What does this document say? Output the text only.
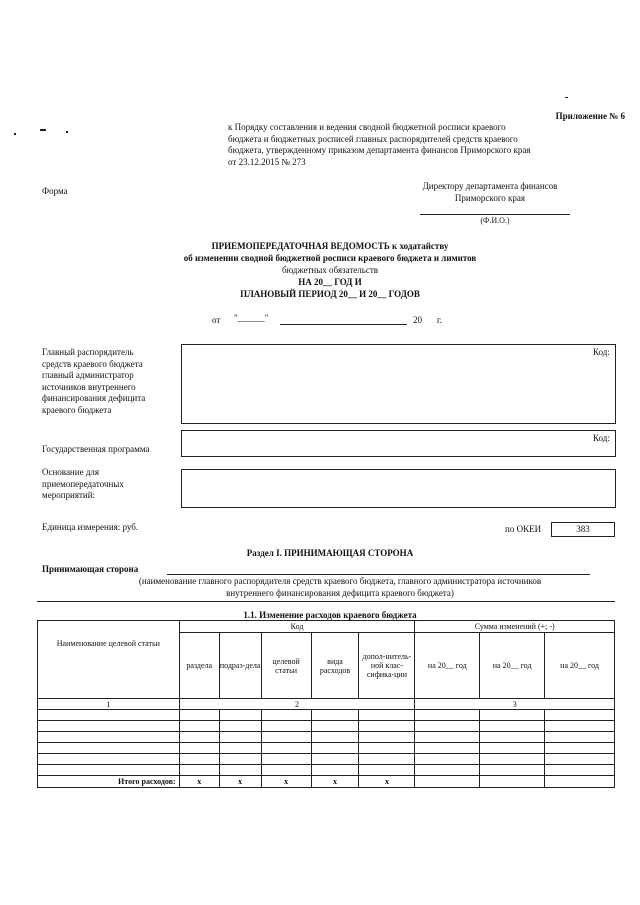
Приложение № 6
к Порядку составления и ведения сводной бюджетной росписи краевого
бюджета и бюджетных росписей главных распорядителей средств краевого
бюджета, утвержденному приказом департамента финансов Приморского края
от 23.12.2015 № 273
Форма	Директору департамента финансов
Приморского края
(Ф.И.О.)
ПРИЕМОПЕРЕДАТОЧНАЯ ВЕДОМОСТЬ к ходатайству
об изменении сводной бюджетной росписи краевого бюджета и лимитов
бюджетных обязательств
НА 20__ ГОД И
ПЛАНОВЫЙ ПЕРИОД 20__ И 20__ ГОДОВ
от "______"	20 г.
Главный распорядитель
средств краевого бюджета
главный администратор
источников внутреннего
финансирования дефицита
краевого бюджета
Код:
Государственная программа
Код:
Основание для
приемопередаточных
мероприятий:
Единица измерения: руб.	по ОКЕИ	383
Раздел I. ПРИНИМАЮЩАЯ СТОРОНА
Принимающая сторона
(наименование главного распорядителя средств краевого бюджета, главного администратора источников
внутреннего финансирования дефицита краевого бюджета)
1.1. Изменение расходов краевого бюджета
Наименование целевой статьи	Код					Сумма изменений (+; -)		
	раздела	подраз-дела	целевой статьи	вида расходов	допол-нитель-ной клас-сифика-ции	на 20__ год	на 20__ год	на 20__ год
1	2					3		

Итого расходов:	х	х	х	х	х			
